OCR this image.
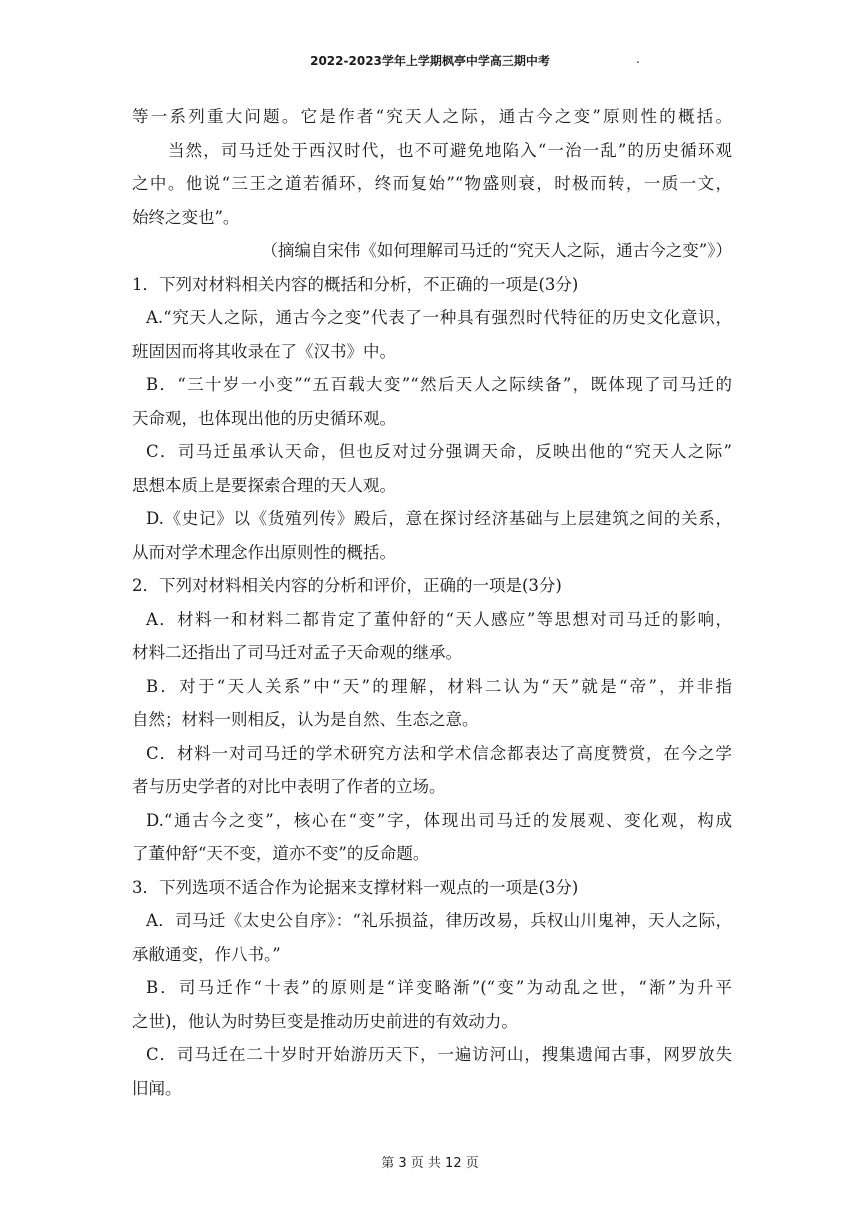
2022-2023学年上学期枫亭中学高三期中考	.
等一系列重大问题。它是作者“究天人之际，通古今之变”原则性的概括。
当然，司马迁处于西汉时代，也不可避免地陷入“一治一乱”的历史循环观
之中。他说“三王之道若循环，终而复始”“物盛则衰，时极而转，一质一文，
始终之变也”。
（摘编自宋伟《如何理解司马迁的“究天人之际，通古今之变”》）
1．下列对材料相关内容的概括和分析，不正确的一项是(3分)
A.“究天人之际，通古今之变”代表了一种具有强烈时代特征的历史文化意识，
班固因而将其收录在了《汉书》中。
B．“三十岁一小变”“五百载大变”“然后天人之际续备”，既体现了司马迁的
天命观，也体现出他的历史循环观。
C．司马迁虽承认天命，但也反对过分强调天命，反映出他的“究天人之际”
思想本质上是要探索合理的天人观。
D.《史记》以《货殖列传》殿后，意在探讨经济基础与上层建筑之间的关系，
从而对学术理念作出原则性的概括。
2．下列对材料相关内容的分析和评价，正确的一项是(3分)
A．材料一和材料二都肯定了董仲舒的“天人感应”等思想对司马迁的影响，
材料二还指出了司马迁对孟子天命观的继承。
B．对于“天人关系”中“天”的理解，材料二认为“天”就是“帝”，并非指
自然；材料一则相反，认为是自然、生态之意。
C．材料一对司马迁的学术研究方法和学术信念都表达了高度赞赏，在今之学
者与历史学者的对比中表明了作者的立场。
D.“通古今之变”，核心在“变”字，体现出司马迁的发展观、变化观，构成
了董仲舒“天不变，道亦不变”的反命题。
3．下列选项不适合作为论据来支撑材料一观点的一项是(3分)
A．司马迁《太史公自序》：“礼乐损益，律历改易，兵权山川鬼神，天人之际，
承敝通变，作八书。”
B．司马迁作“十表”的原则是“详变略渐”(“变”为动乱之世，“渐”为升平
之世)，他认为时势巨变是推动历史前进的有效动力。
C．司马迁在二十岁时开始游历天下，一遍访河山，搜集遗闻古事，网罗放失
旧闻。
第 3 页 共 12 页
